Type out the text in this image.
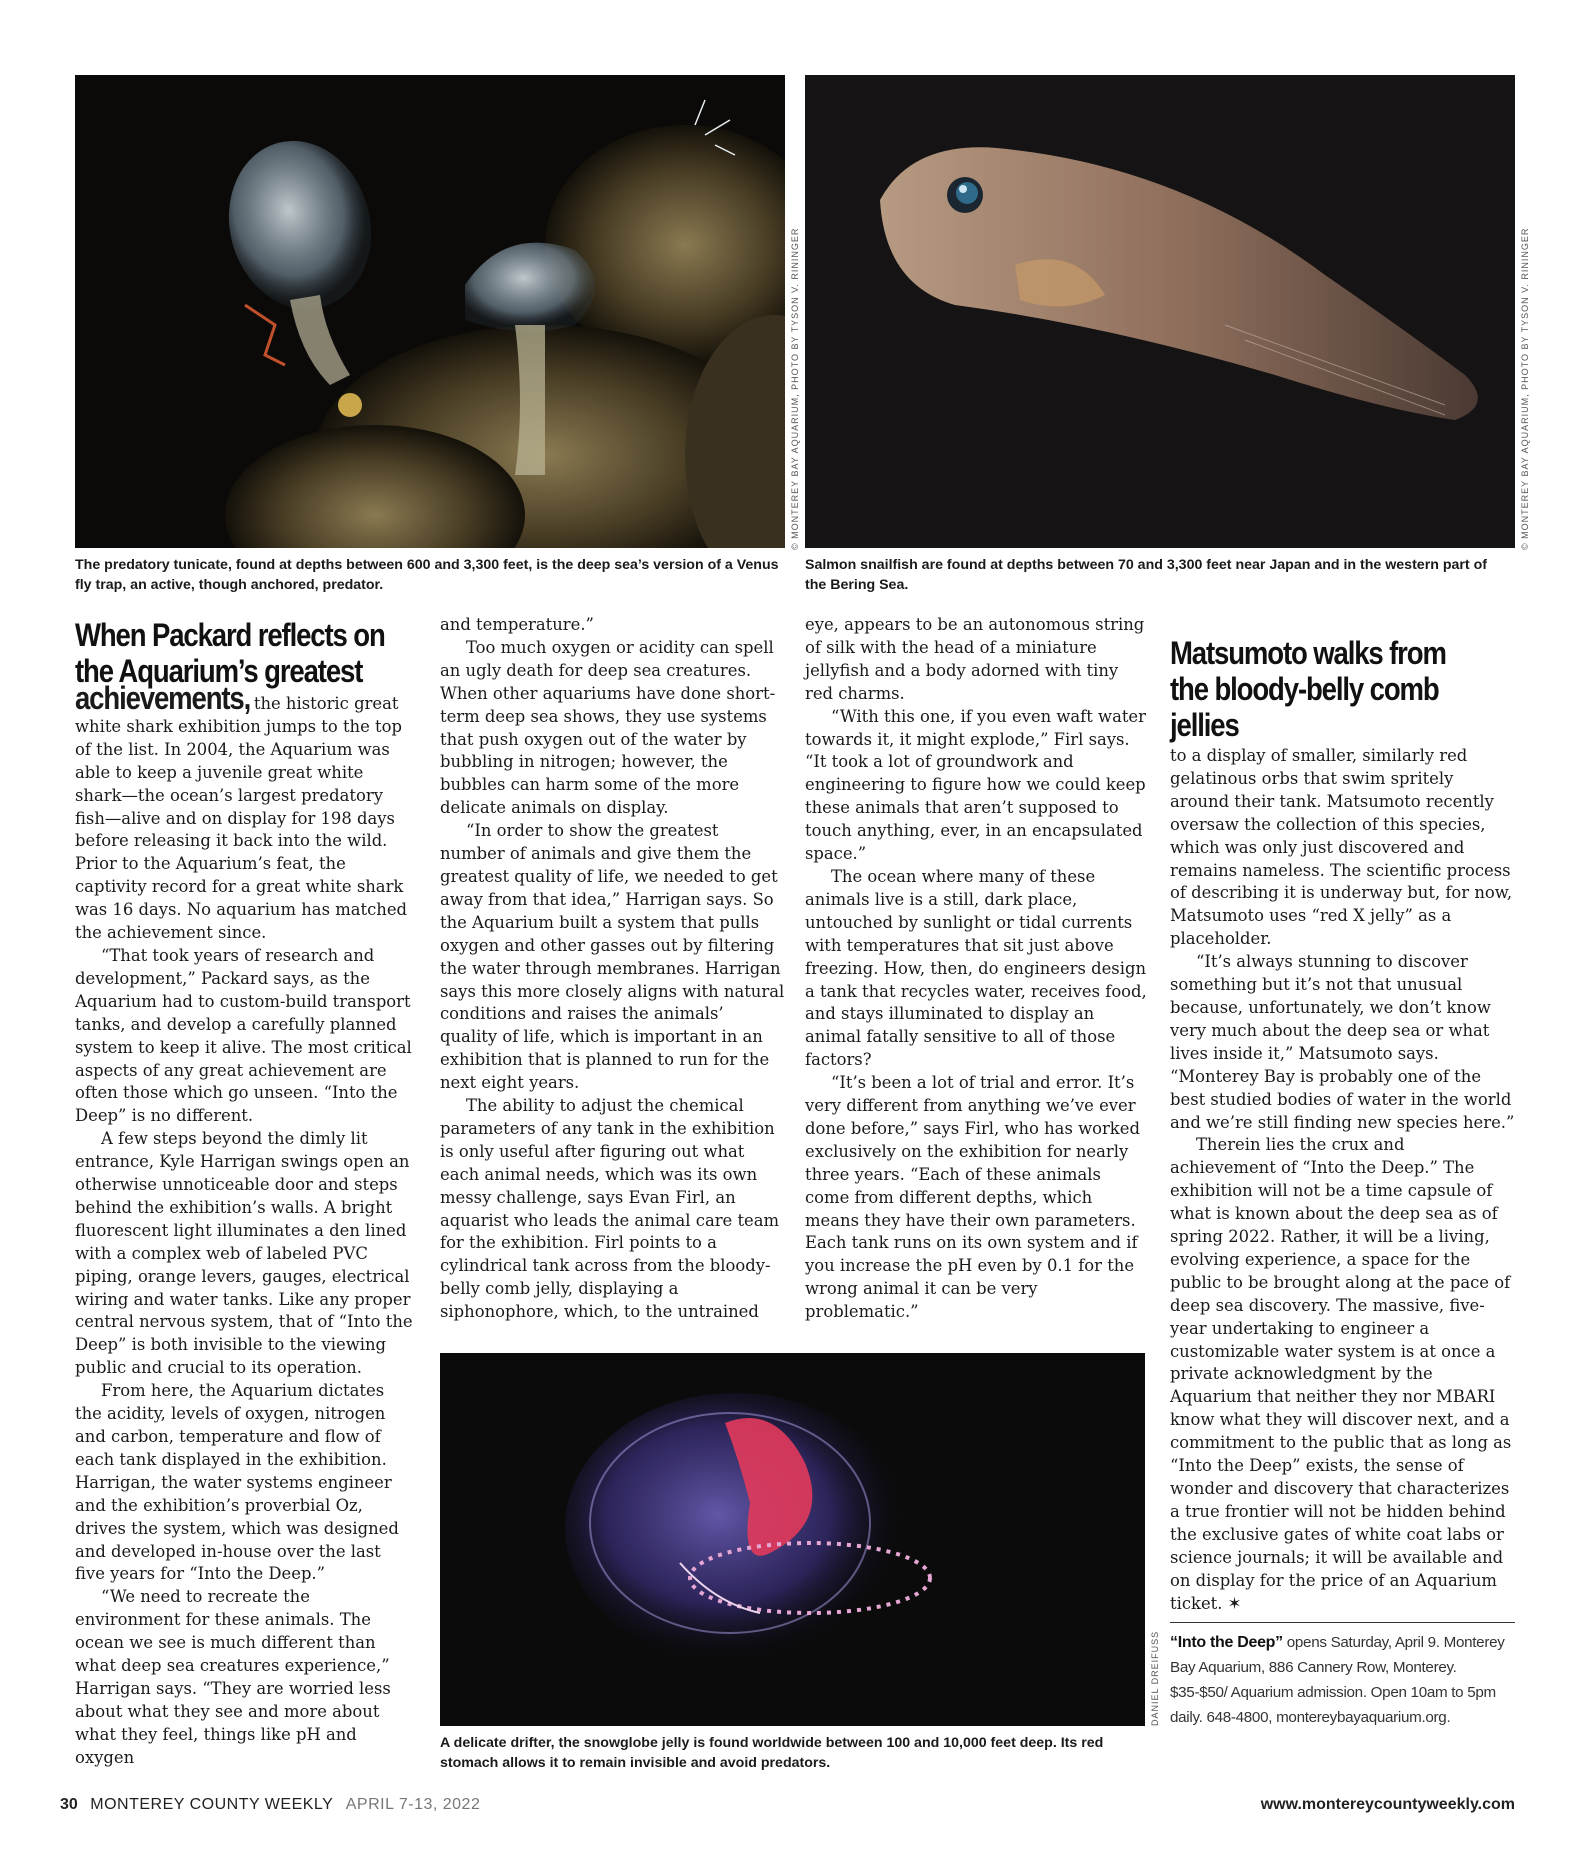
© MONTEREY BAY AQUARIUM, PHOTO BY TYSON V. RININGER
The predatory tunicate, found at depths between 600 and 3,300 feet, is the deep sea’s version of a Venus fly trap, an active, though anchored, predator.
© MONTEREY BAY AQUARIUM, PHOTO BY TYSON V. RININGER
Salmon snailfish are found at depths between 70 and 3,300 feet near Japan and in the western part of the Bering Sea.
When Packard reflects on the Aquarium’s greatest

achievements, the historic great white shark exhibition jumps to the top of the list. In 2004, the Aquarium was able to keep a juvenile great white shark—the ocean’s largest predatory fish—alive and on display for 198 days before releasing it back into the wild. Prior to the Aquarium’s feat, the captivity record for a great white shark was 16 days. No aquarium has matched the achievement since.

“That took years of research and development,” Packard says, as the Aquarium had to custom-build transport tanks, and develop a carefully planned system to keep it alive. The most critical aspects of any great achievement are often those which go unseen. “Into the Deep” is no different.

A few steps beyond the dimly lit entrance, Kyle Harrigan swings open an otherwise unnoticeable door and steps behind the exhibition’s walls. A bright fluorescent light illuminates a den lined with a complex web of labeled PVC piping, orange levers, gauges, electrical wiring and water tanks. Like any proper central nervous system, that of “Into the Deep” is both invisible to the viewing public and crucial to its operation.

From here, the Aquarium dictates the acidity, levels of oxygen, nitrogen and carbon, temperature and flow of each tank displayed in the exhibition. Harrigan, the water systems engineer and the exhibition’s proverbial Oz, drives the system, which was designed and developed in-house over the last five years for “Into the Deep.”

“We need to recreate the environment for these animals. The ocean we see is much different than what deep sea creatures experience,” Harrigan says. “They are worried less about what they see and more about what they feel, things like pH and oxygen

and temperature.”

Too much oxygen or acidity can spell an ugly death for deep sea creatures. When other aquariums have done short-term deep sea shows, they use systems that push oxygen out of the water by bubbling in nitrogen; however, the bubbles can harm some of the more delicate animals on display.

“In order to show the greatest number of animals and give them the greatest quality of life, we needed to get away from that idea,” Harrigan says. So the Aquarium built a system that pulls oxygen and other gasses out by filtering the water through membranes. Harrigan says this more closely aligns with natural conditions and raises the animals’ quality of life, which is important in an exhibition that is planned to run for the next eight years.

The ability to adjust the chemical parameters of any tank in the exhibition is only useful after figuring out what each animal needs, which was its own messy challenge, says Evan Firl, an aquarist who leads the animal care team for the exhibition. Firl points to a cylindrical tank across from the bloody-belly comb jelly, displaying a siphonophore, which, to the untrained

eye, appears to be an autonomous string of silk with the head of a miniature jellyfish and a body adorned with tiny red charms.

“With this one, if you even waft water towards it, it might explode,” Firl says. “It took a lot of groundwork and engineering to figure how we could keep these animals that aren’t supposed to touch anything, ever, in an encapsulated space.”

The ocean where many of these animals live is a still, dark place, untouched by sunlight or tidal currents with temperatures that sit just above freezing. How, then, do engineers design a tank that recycles water, receives food, and stays illuminated to display an animal fatally sensitive to all of those factors?

“It’s been a lot of trial and error. It’s very different from anything we’ve ever done before,” says Firl, who has worked exclusively on the exhibition for nearly three years. “Each of these animals come from different depths, which means they have their own parameters. Each tank runs on its own system and if you increase the pH even by 0.1 for the wrong animal it can be very problematic.”

DANIEL DREIFUSS
A delicate drifter, the snowglobe jelly is found worldwide between 100 and 10,000 feet deep. Its red stomach allows it to remain invisible and avoid predators.
Matsumoto walks from the bloody-belly comb jellies

to a display of smaller, similarly red gelatinous orbs that swim spritely around their tank. Matsumoto recently oversaw the collection of this species, which was only just discovered and remains nameless. The scientific process of describing it is underway but, for now, Matsumoto uses “red X jelly” as a placeholder.

“It’s always stunning to discover something but it’s not that unusual because, unfortunately, we don’t know very much about the deep sea or what lives inside it,” Matsumoto says. “Monterey Bay is probably one of the best studied bodies of water in the world and we’re still finding new species here.”

Therein lies the crux and achievement of “Into the Deep.” The exhibition will not be a time capsule of what is known about the deep sea as of spring 2022. Rather, it will be a living, evolving experience, a space for the public to be brought along at the pace of deep sea discovery. The massive, five-year undertaking to engineer a customizable water system is at once a private acknowledgment by the Aquarium that neither they nor MBARI know what they will discover next, and a commitment to the public that as long as “Into the Deep” exists, the sense of wonder and discovery that characterizes a true frontier will not be hidden behind the exclusive gates of white coat labs or science journals; it will be available and on display for the price of an Aquarium ticket. ✶

“Into the Deep” opens Saturday, April 9. Monterey Bay Aquarium, 886 Cannery Row, Monterey. $35-$50/ Aquarium admission. Open 10am to 5pm daily. 648-4800, montereybayaquarium.org.
30 MONTEREY COUNTY WEEKLY APRIL 7-13, 2022	www.montereycountyweekly.com
